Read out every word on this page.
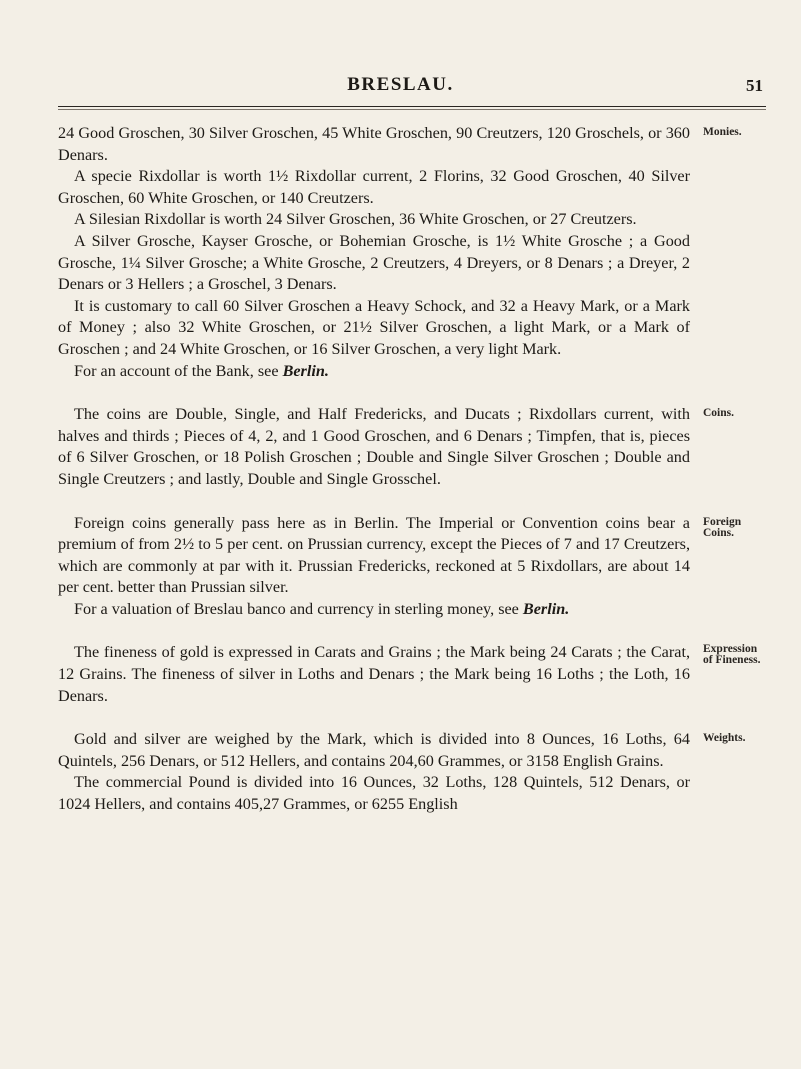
BRESLAU.	51
Monies.

24 Good Groschen, 30 Silver Groschen, 45 White Groschen, 90 Creutzers, 120 Groschels, or 360 Denars.

A specie Rixdollar is worth 1½ Rixdollar current, 2 Florins, 32 Good Groschen, 40 Silver Groschen, 60 White Groschen, or 140 Creutzers.

A Silesian Rixdollar is worth 24 Silver Groschen, 36 White Groschen, or 27 Creutzers.

A Silver Grosche, Kayser Grosche, or Bohemian Grosche, is 1½ White Grosche ; a Good Grosche, 1¼ Silver Grosche; a White Grosche, 2 Creutzers, 4 Dreyers, or 8 Denars ; a Dreyer, 2 Denars or 3 Hellers ; a Groschel, 3 Denars.

It is customary to call 60 Silver Groschen a Heavy Schock, and 32 a Heavy Mark, or a Mark of Money ; also 32 White Groschen, or 21½ Silver Groschen, a light Mark, or a Mark of Groschen ; and 24 White Groschen, or 16 Silver Groschen, a very light Mark.

For an account of the Bank, see Berlin.

Coins.

The coins are Double, Single, and Half Fredericks, and Ducats ; Rixdollars current, with halves and thirds ; Pieces of 4, 2, and 1 Good Groschen, and 6 Denars ; Timpfen, that is, pieces of 6 Silver Groschen, or 18 Polish Groschen ; Double and Single Silver Groschen ; Double and Single Creutzers ; and lastly, Double and Single Grosschel.

Foreign
Coins.

Foreign coins generally pass here as in Berlin. The Imperial or Convention coins bear a premium of from 2½ to 5 per cent. on Prussian currency, except the Pieces of 7 and 17 Creutzers, which are commonly at par with it. Prussian Fredericks, reckoned at 5 Rixdollars, are about 14 per cent. better than Prussian silver.

For a valuation of Breslau banco and currency in sterling money, see Berlin.

Expression
of Fineness.

The fineness of gold is expressed in Carats and Grains ; the Mark being 24 Carats ; the Carat, 12 Grains. The fineness of silver in Loths and Denars ; the Mark being 16 Loths ; the Loth, 16 Denars.

Weights.

Gold and silver are weighed by the Mark, which is divided into 8 Ounces, 16 Loths, 64 Quintels, 256 Denars, or 512 Hellers, and contains 204,60 Grammes, or 3158 English Grains.

The commercial Pound is divided into 16 Ounces, 32 Loths, 128 Quintels, 512 Denars, or 1024 Hellers, and contains 405,27 Grammes, or 6255 English
